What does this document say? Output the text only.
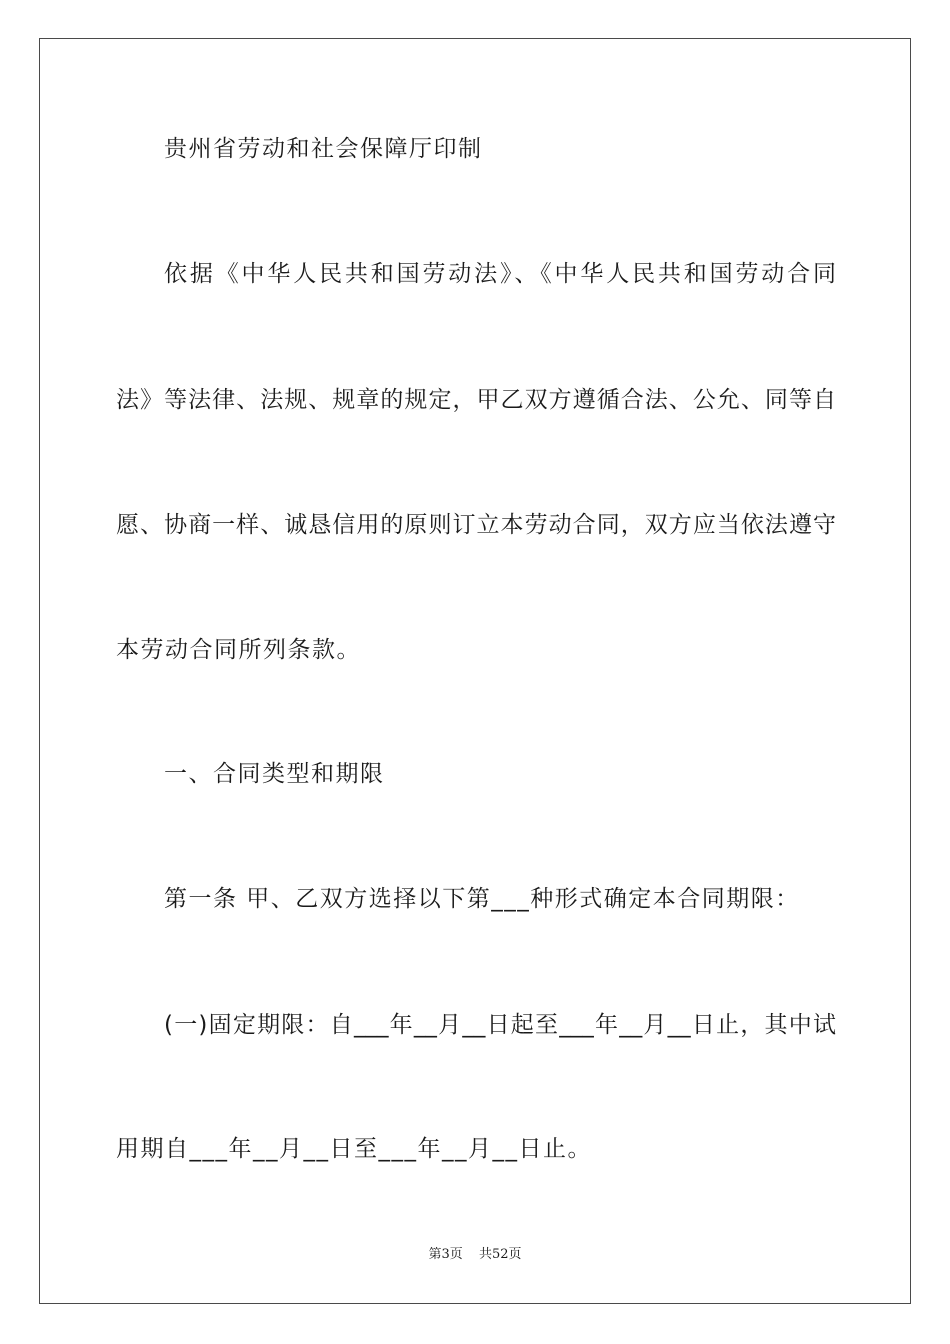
贵州省劳动和社会保障厅印制
依据《中华人民共和国劳动法》、《中华人民共和国劳动合同
法》等法律、法规、规章的规定，甲乙双方遵循合法、公允、同等自
愿、协商一样、诚恳信用的原则订立本劳动合同，双方应当依法遵守
本劳动合同所列条款。
一、合同类型和期限
第一条 甲、乙双方选择以下第___种形式确定本合同期限：
(一)固定期限：自___年__月__日起至___年__月__日止，其中试
用期自___年__月__日至___年__月__日止。
第3页 共52页
